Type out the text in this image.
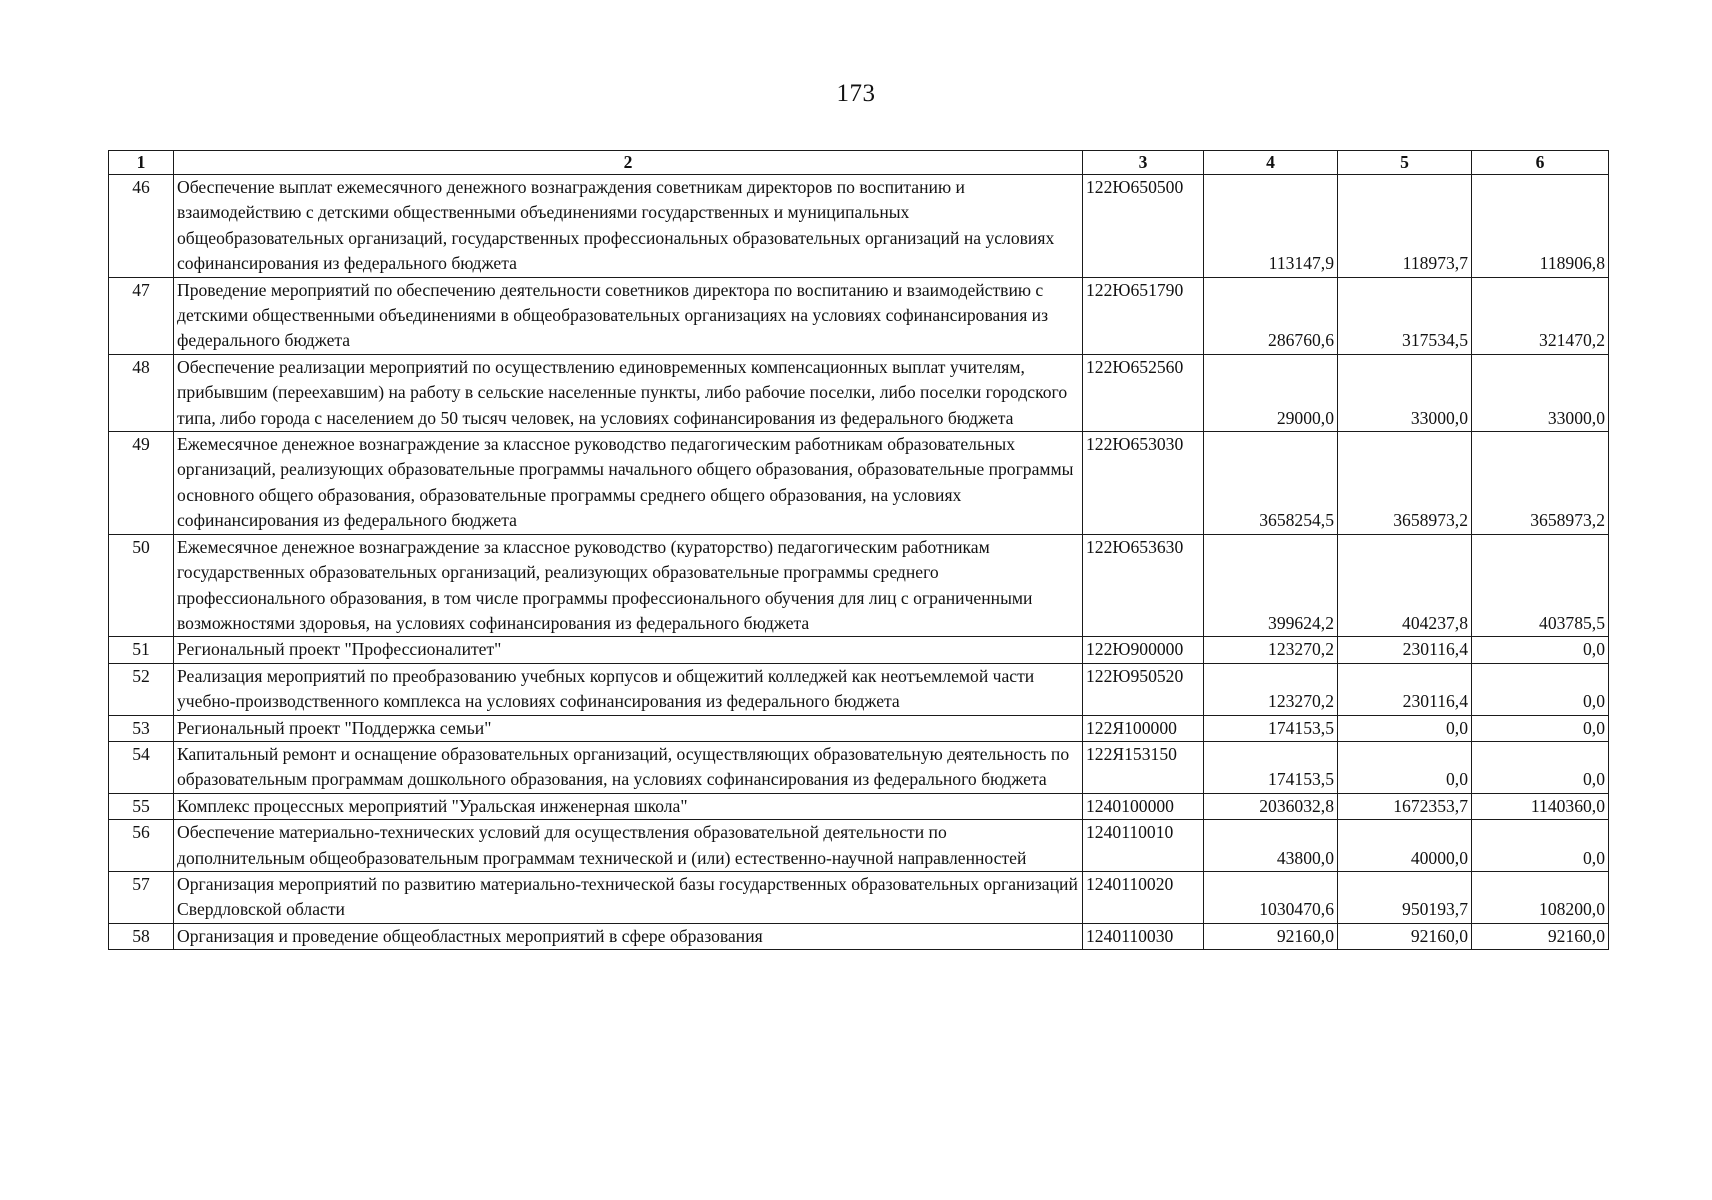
173
1	2	3	4	5	6
46	Обеспечение выплат ежемесячного денежного вознаграждения советникам директоров по воспитанию и взаимодействию с детскими общественными объединениями государственных и муниципальных общеобразовательных организаций, государственных профессиональных образовательных организаций на условиях софинансирования из федерального бюджета	122Ю650500	113147,9	118973,7	118906,8
47	Проведение мероприятий по обеспечению деятельности советников директора по воспитанию и взаимодействию с детскими общественными объединениями в общеобразовательных организациях на условиях софинансирования из федерального бюджета	122Ю651790	286760,6	317534,5	321470,2
48	Обеспечение реализации мероприятий по осуществлению единовременных компенсационных выплат учителям, прибывшим (переехавшим) на работу в сельские населенные пункты, либо рабочие поселки, либо поселки городского типа, либо города с населением до 50 тысяч человек, на условиях софинансирования из федерального бюджета	122Ю652560	29000,0	33000,0	33000,0
49	Ежемесячное денежное вознаграждение за классное руководство педагогическим работникам образовательных организаций, реализующих образовательные программы начального общего образования, образовательные программы основного общего образования, образовательные программы среднего общего образования, на условиях софинансирования из федерального бюджета	122Ю653030	3658254,5	3658973,2	3658973,2
50	Ежемесячное денежное вознаграждение за классное руководство (кураторство) педагогическим работникам государственных образовательных организаций, реализующих образовательные программы среднего профессионального образования, в том числе программы профессионального обучения для лиц с ограниченными возможностями здоровья, на условиях софинансирования из федерального бюджета	122Ю653630	399624,2	404237,8	403785,5
51	Региональный проект "Профессионалитет"	122Ю900000	123270,2	230116,4	0,0
52	Реализация мероприятий по преобразованию учебных корпусов и общежитий колледжей как неотъемлемой части учебно-производственного комплекса на условиях софинансирования из федерального бюджета	122Ю950520	123270,2	230116,4	0,0
53	Региональный проект "Поддержка семьи"	122Я100000	174153,5	0,0	0,0
54	Капитальный ремонт и оснащение образовательных организаций, осуществляющих образовательную деятельность по образовательным программам дошкольного образования, на условиях софинансирования из федерального бюджета	122Я153150	174153,5	0,0	0,0
55	Комплекс процессных мероприятий "Уральская инженерная школа"	1240100000	2036032,8	1672353,7	1140360,0
56	Обеспечение материально-технических условий для осуществления образовательной деятельности по дополнительным общеобразовательным программам технической и (или) естественно-научной направленностей	1240110010	43800,0	40000,0	0,0
57	Организация мероприятий по развитию материально-технической базы государственных образовательных организаций Свердловской области	1240110020	1030470,6	950193,7	108200,0
58	Организация и проведение общеобластных мероприятий в сфере образования	1240110030	92160,0	92160,0	92160,0
